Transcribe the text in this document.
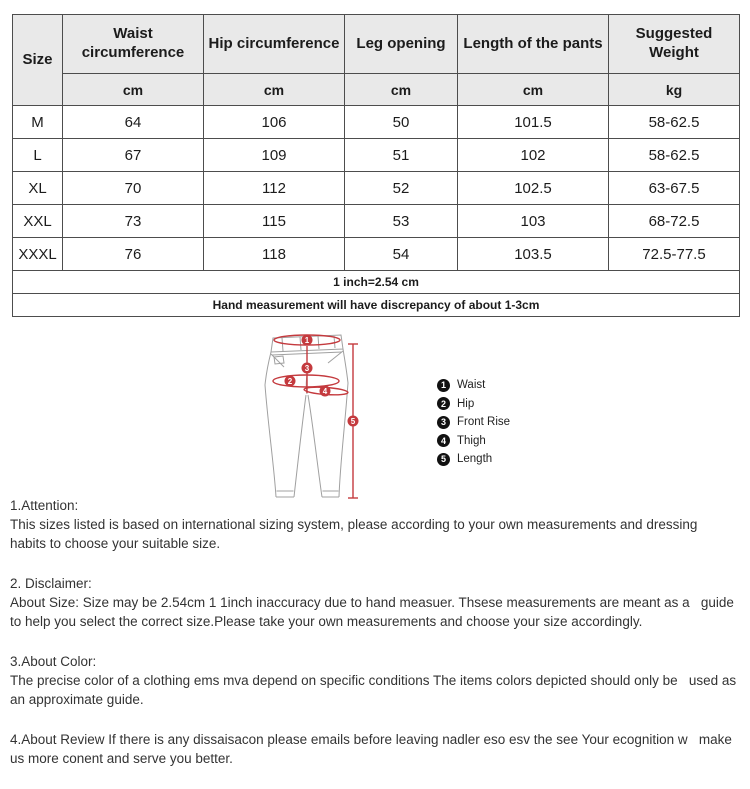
Size	Waist circumference	Hip circumference	Leg opening	Length of the pants	Suggested Weight
	cm	cm	cm	cm	kg
M	64	106	50	101.5	58-62.5
L	67	109	51	102	58-62.5
XL	70	112	52	102.5	63-67.5
XXL	73	115	53	103	68-72.5
XXXL	76	118	54	103.5	72.5-77.5
1 inch=2.54 cm					
Hand measurement will have discrepancy of about 1-3cm					
1
2
3
4
5
1 Waist
2 Hip
3 Front Rise
4 Thigh
5 Length
1.Attention:
This sizes listed is based on international sizing system, please according to your own measurements and dressing   habits to choose your suitable size.
2. Disclaimer:
About Size: Size may be 2.54cm 1 1inch inaccuracy due to hand measuer. Thsese measurements are meant as a   guide to help you select the correct size.Please take your own measurements and choose your size accordingly.
3.About Color:
The precise color of a clothing ems mva depend on specific conditions The items colors depicted should only be   used as an approximate guide.
4.About Review If there is any dissaisacon please emails before leaving nadler eso esv the see Your ecognition w   make us more conent and serve you better.
